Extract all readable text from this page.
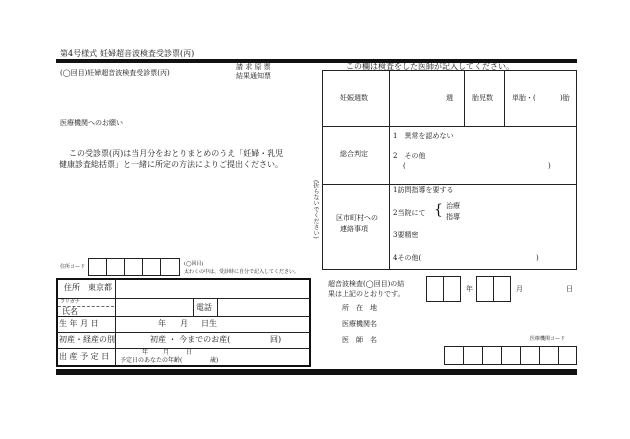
第4号様式 妊婦超音波検査受診票(丙)
(◯回目)妊婦超音波検査受診票(丙)
請 求 原 票
結果通知票
医療機関へのお願い
この受診票(丙)は当月分をおとりまとめのうえ「妊婦・乳児
健康診査総括票」と一緒に所定の方法によりご提出ください。
(折らないでください)
住所コード	(◯回目)
太わくの中は、受診時に自分で記入してください。
住所 東京都
フリガナ
氏名	電話
生 年 月 日	年 月 日生
初産・経産の別	初産 ・ 今までのお産(	回)
出 産 予 定 日	年 月	日
予定日のあなたの年齢(	歳)
この欄は検査をした医師が記入してください。
妊娠週数	週	胎児数	単胎・(	)胎
総合判定
1　異常を認めない
2　その他
(	)
区市町村への
連絡事項
1訪問指導を要する
2当院にて { 治療
指導
3要精密
4その他(	)
超音波検査(◯回目)の結
果は上記のとおりです。
年	月	日
所　在　地
医療機関名
医　師　名	医療機関コード
